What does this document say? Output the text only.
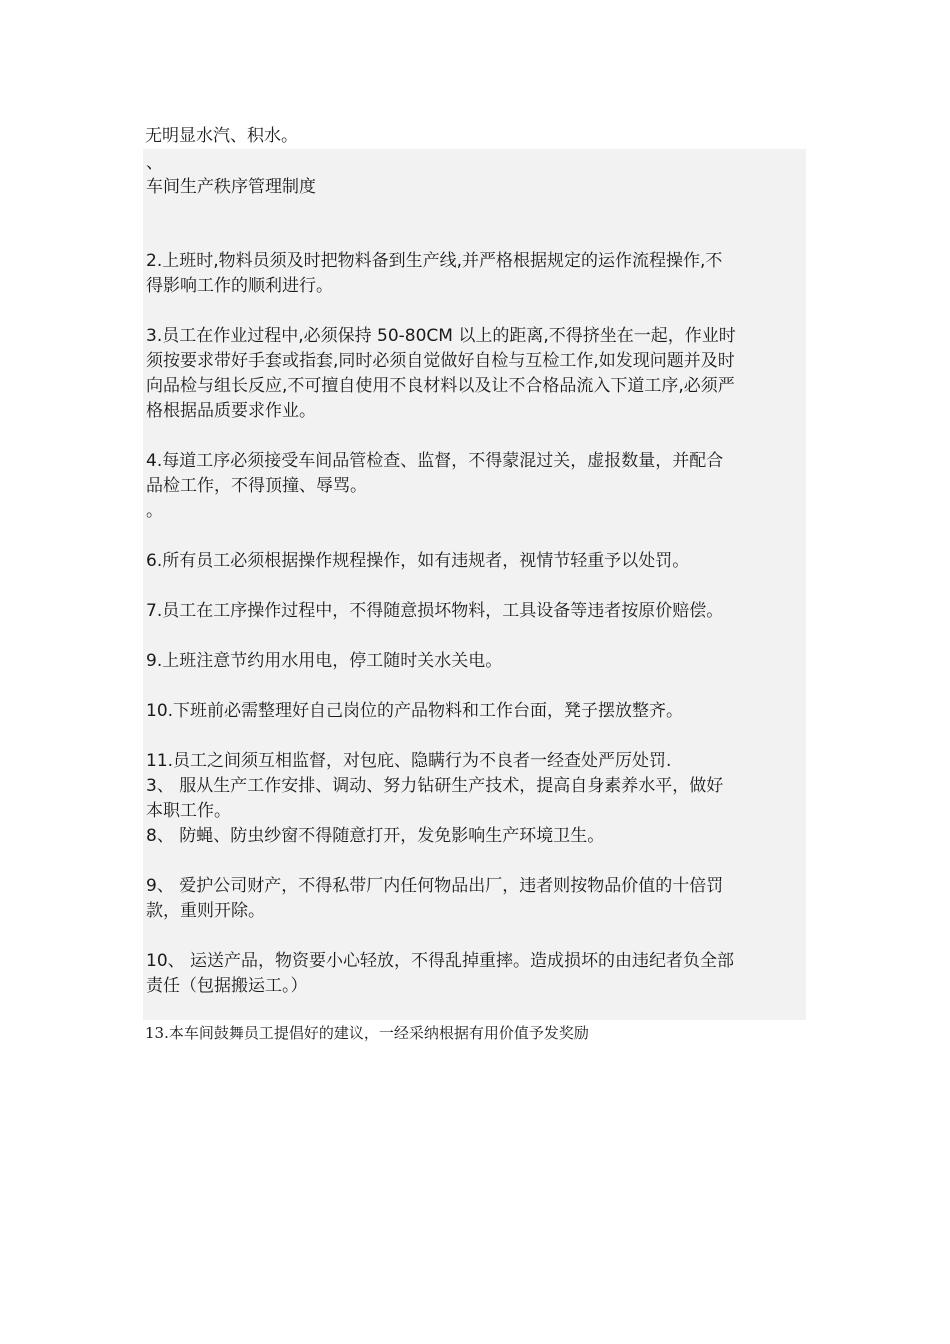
无明显水汽、积水。
、
车间生产秩序管理制度
2.上班时,物料员须及时把物料备到生产线,并严格根据规定的运作流程操作,不
得影响工作的顺利进行。
3.员工在作业过程中,必须保持 50-80CM 以上的距离,不得挤坐在一起，作业时
须按要求带好手套或指套,同时必须自觉做好自检与互检工作,如发现问题并及时
向品检与组长反应,不可擅自使用不良材料以及让不合格品流入下道工序,必须严
格根据品质要求作业。
4.每道工序必须接受车间品管检查、监督，不得蒙混过关，虚报数量，并配合
品检工作，不得顶撞、辱骂。
。
6.所有员工必须根据操作规程操作，如有违规者，视情节轻重予以处罚。
7.员工在工序操作过程中，不得随意损坏物料，工具设备等违者按原价赔偿。
9.上班注意节约用水用电，停工随时关水关电。
10.下班前必需整理好自己岗位的产品物料和工作台面，凳子摆放整齐。
11.员工之间须互相监督，对包庇、隐瞒行为不良者一经查处严厉处罚.
3、 服从生产工作安排、调动、努力钻研生产技术，提高自身素养水平，做好
本职工作。
8、 防蝇、防虫纱窗不得随意打开，发免影响生产环境卫生。
9、 爱护公司财产，不得私带厂内任何物品出厂，违者则按物品价值的十倍罚
款，重则开除。
10、 运送产品，物资要小心轻放，不得乱掉重摔。造成损坏的由违纪者负全部
责任（包据搬运工。）
13.本车间鼓舞员工提倡好的建议，一经采纳根据有用价值予发奖励
